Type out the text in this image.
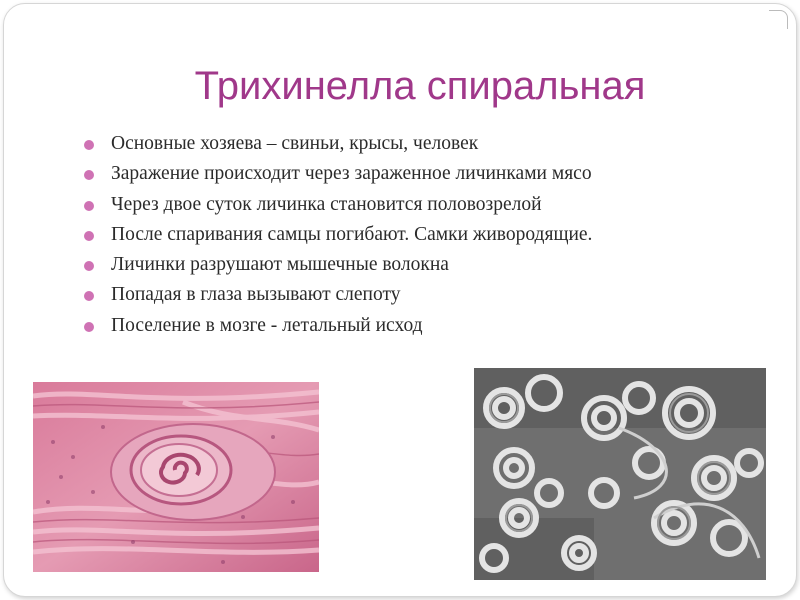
Трихинелла спиральная
Основные хозяева – свиньи, крысы, человек
Заражение происходит через зараженное личинками мясо
Через двое суток личинка становится половозрелой
После спаривания самцы погибают. Самки живородящие.
Личинки разрушают мышечные волокна
Попадая в глаза вызывают слепоту
Поселение в мозге - летальный исход
